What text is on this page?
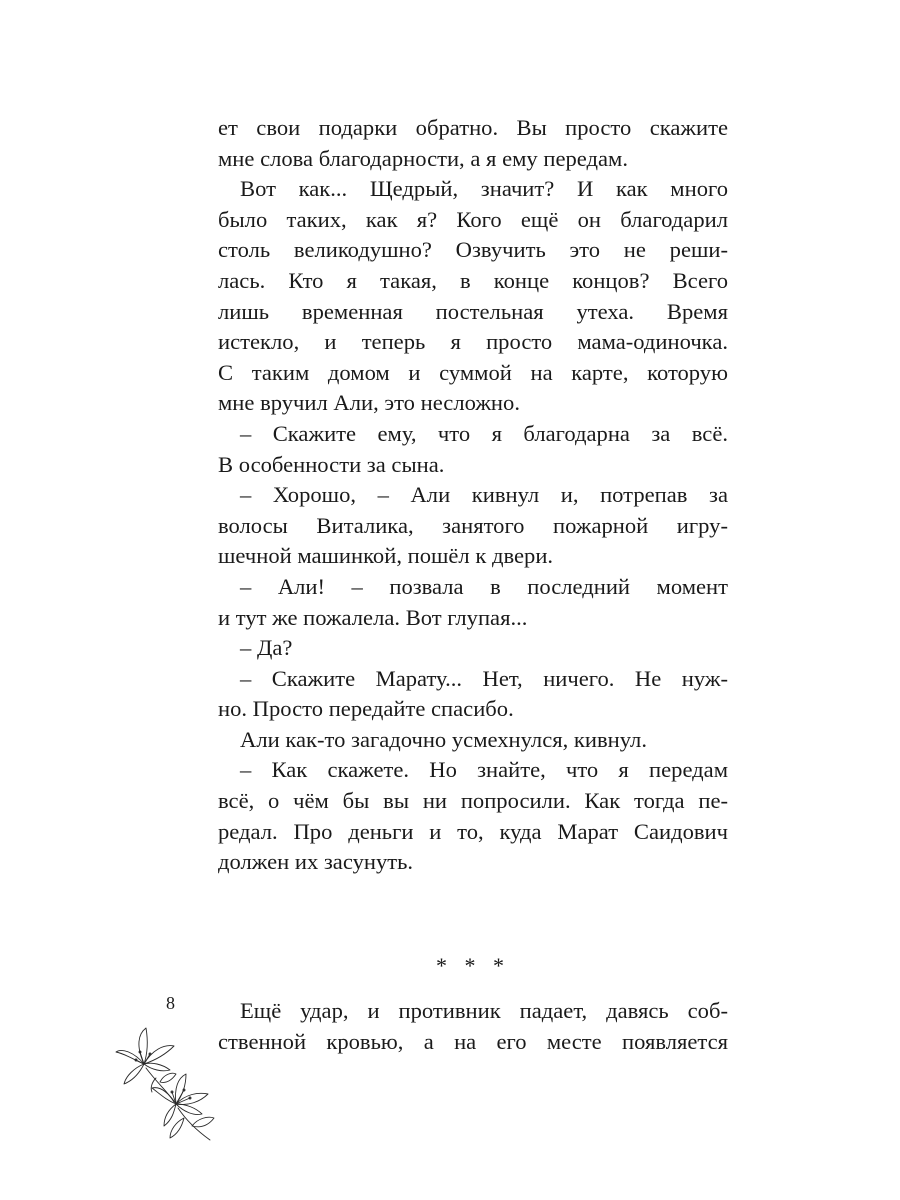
ет свои подарки обратно. Вы просто скажите
мне слова благодарности, а я ему передам.
Вот как... Щедрый, значит? И как много
было таких, как я? Кого ещё он благодарил
столь великодушно? Озвучить это не реши-
лась. Кто я такая, в конце концов? Всего
лишь временная постельная утеха. Время
истекло, и теперь я просто мама-одиночка.
С таким домом и суммой на карте, которую
мне вручил Али, это несложно.
– Скажите ему, что я благодарна за всё.
В особенности за сына.
– Хорошо, – Али кивнул и, потрепав за
волосы Виталика, занятого пожарной игру-
шечной машинкой, пошёл к двери.
– Али! – позвала в последний момент
и тут же пожалела. Вот глупая...
– Да?
– Скажите Марату... Нет, ничего. Не нуж-
но. Просто передайте спасибо.
Али как-то загадочно усмехнулся, кивнул.
– Как скажете. Но знайте, что я передам
всё, о чём бы вы ни попросили. Как тогда пе-
редал. Про деньги и то, куда Марат Саидович
должен их засунуть.
* * *
8	Ещё удар, и противник падает, давясь соб-
ственной кровью, а на его месте появляется
